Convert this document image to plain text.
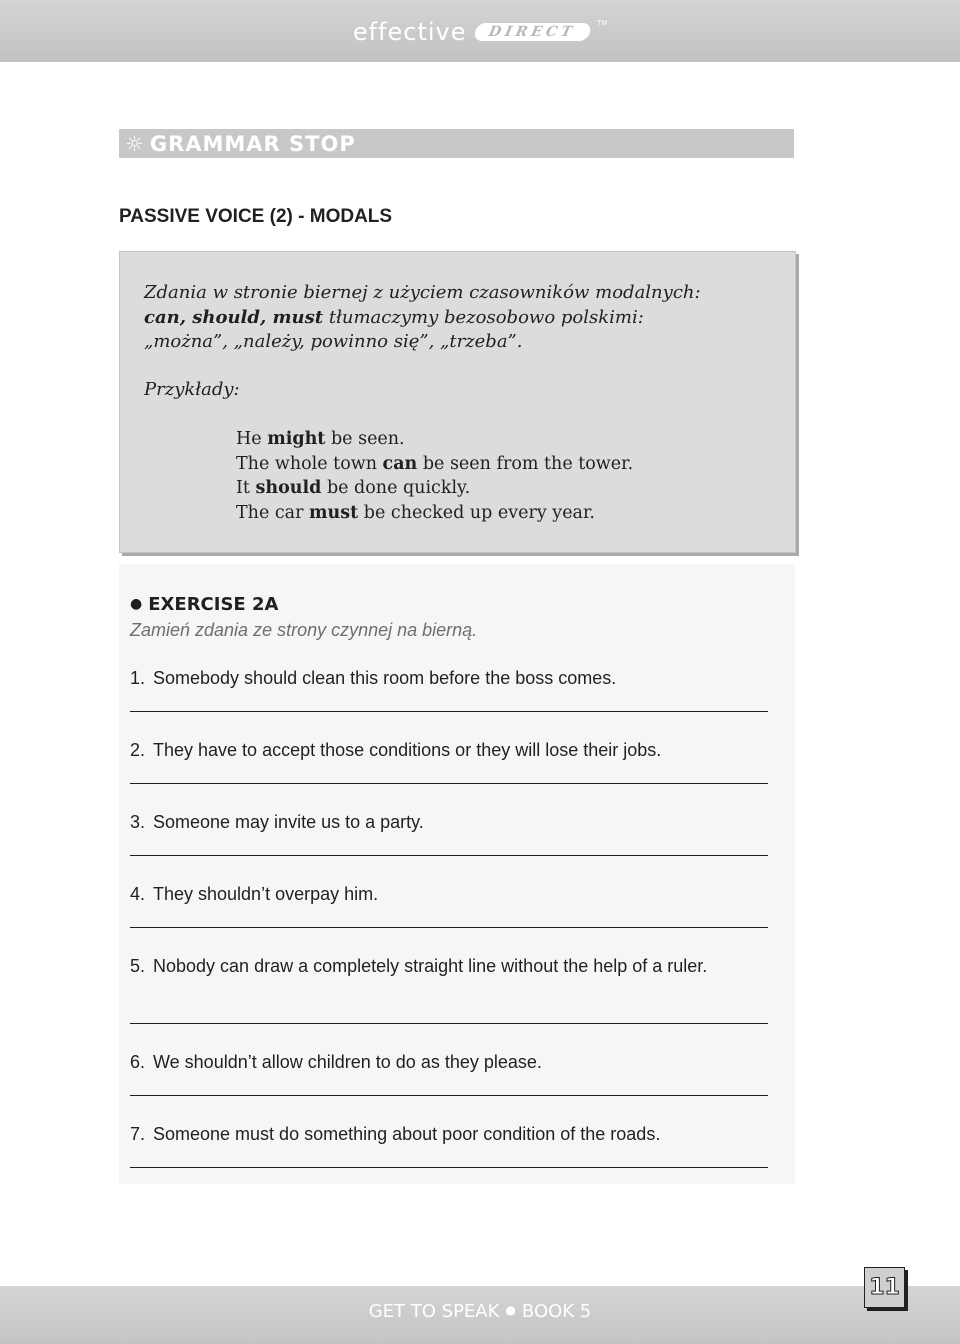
effective	DIRECT
TM
☼ GRAMMAR STOP
PASSIVE VOICE (2) - MODALS
Zdania w stronie biernej z użyciem czasowników modalnych:
can, should, must tłumaczymy bezosobowo polskimi:
„można”, „należy, powinno się”, „trzeba”.
Przykłady:
He might be seen.
The whole town can be seen from the tower.
It should be done quickly.
The car must be checked up every year.
● EXERCISE 2A
Zamień zdania ze strony czynnej na bierną.
1. Somebody should clean this room before the boss comes.
2. They have to accept those conditions or they will lose their jobs.
3. Someone may invite us to a party.
4. They shouldn’t overpay him.
5. Nobody can draw a completely straight line without the help of a ruler.
6. We shouldn’t allow children to do as they please.
7. Someone must do something about poor condition of the roads.
GET TO SPEAK ● BOOK 5
11
